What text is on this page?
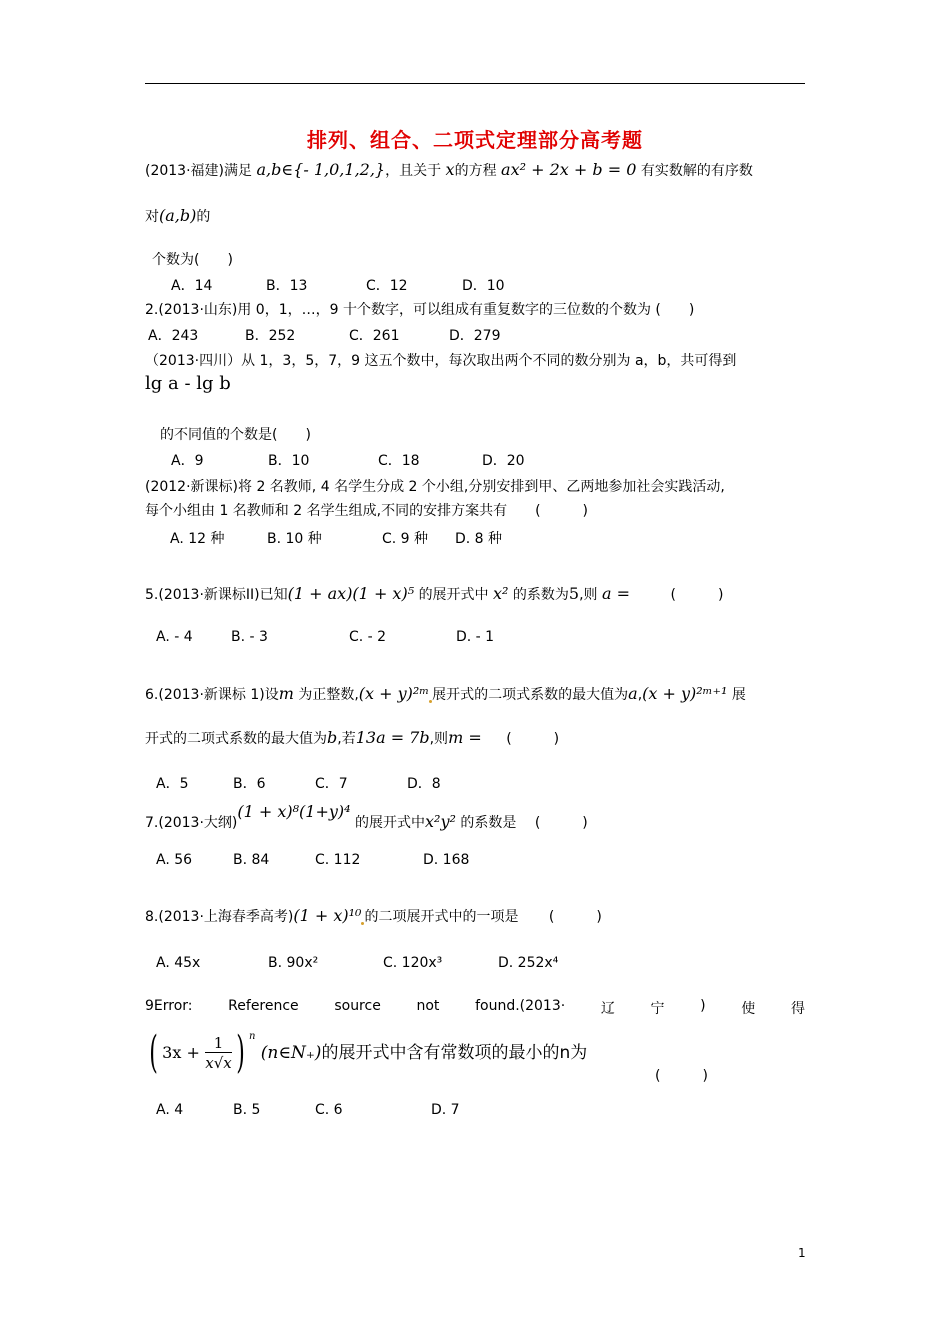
排列、组合、二项式定理部分高考题
(2013·福建)满足 a,b∈{- 1,0,1,2,}，且关于 x的方程 ax² + 2x + b = 0 有实数解的有序数
对(a,b)的
个数为(　　)
A．14	B．13	C．12	D．10
2.(2013·山东)用 0，1，…，9 十个数字，可以组成有重复数字的三位数的个数为 (　　)
A．243	B．252	C．261	D．279
（2013·四川）从 1，3，5，7，9 这五个数中，每次取出两个不同的数分别为 a，b，共可得到
lg a - lg b
的不同值的个数是(　　)
A．9	B．10	C．18	D．20
(2012·新课标)将 2 名教师, 4 名学生分成 2 个小组,分别安排到甲、乙两地参加社会实践活动,
每个小组由 1 名教师和 2 名学生组成,不同的安排方案共有　　(　　　)
A. 12 种	B. 10 种	C. 9 种 D. 8 种
5.(2013·新课标II)已知(1 + ax)(1 + x)⁵ 的展开式中 x² 的系数为5,则 a =	(　　　)
A. - 4	B. - 3	C. - 2	D. - 1
6.(2013·新课标 1)设m 为正整数,(x + y)²ᵐ 展开式的二项式系数的最大值为a,(x + y)²ᵐ⁺¹ 展
开式的二项式系数的最大值为b,若13a = 7b,则m = (　　　)
A．5	B．6	C．7	D．8
7.(2013·大纲)(1 + x)⁸(1+y)⁴ 的展开式中x²y² 的系数是 (　　　)
A. 56	B. 84	C. 112	D. 168
8.(2013·上海春季高考)(1 + x)¹⁰ 的二项展开式中的一项是 (　　　)
A. 45x	B. 90x²	C. 120x³	D. 252x⁴
9Error:	Reference	source	not	found.(2013·	辽	宁	)	使	得
( $3x + \frac{1}{x√x}$ ) $^n$ (n∈N₊)的展开式中含有常数项的最小的n为
(　　　)
A. 4	B. 5	C. 6	D. 7
1
